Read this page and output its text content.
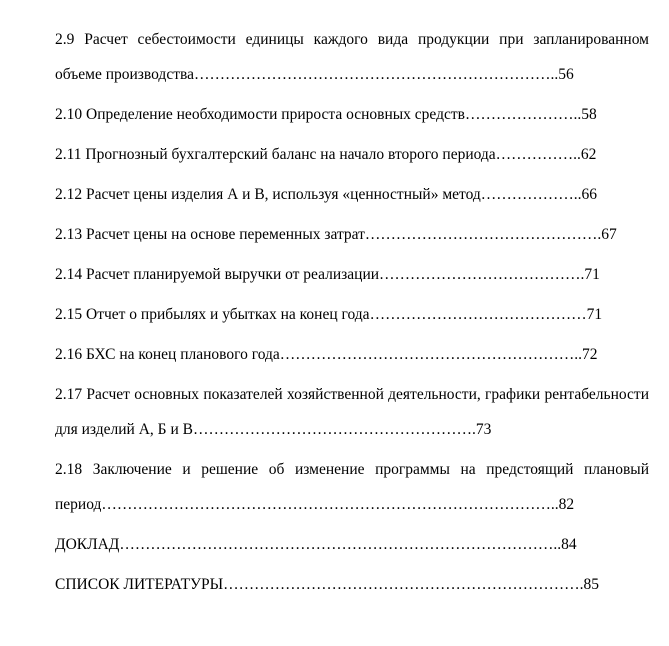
2.9 Расчет себестоимости единицы каждого вида продукции при запланированном объеме производства……………………………………………………………..56

2.10 Определение необходимости прироста основных средств…………………..58

2.11 Прогнозный бухгалтерский баланс на начало второго периода……………..62

2.12 Расчет цены изделия А и В, используя «ценностный» метод………………..66

2.13 Расчет цены на основе переменных затрат……………………………………….67

2.14 Расчет планируемой выручки от реализации………………………………….71

2.15 Отчет о прибылях и убытках на конец года……………………………………71

2.16 БХС на конец планового года…………………………………………………..72

2.17 Расчет основных показателей хозяйственной деятельности, графики рентабельности для изделий А, Б и В……………………………………………….73

2.18 Заключение и решение об изменение программы на предстоящий плановый период……………………………………………………………………………..82

ДОКЛАД…………………………………………………………………………..84

СПИСОК ЛИТЕРАТУРЫ…………………………………………………………….85
